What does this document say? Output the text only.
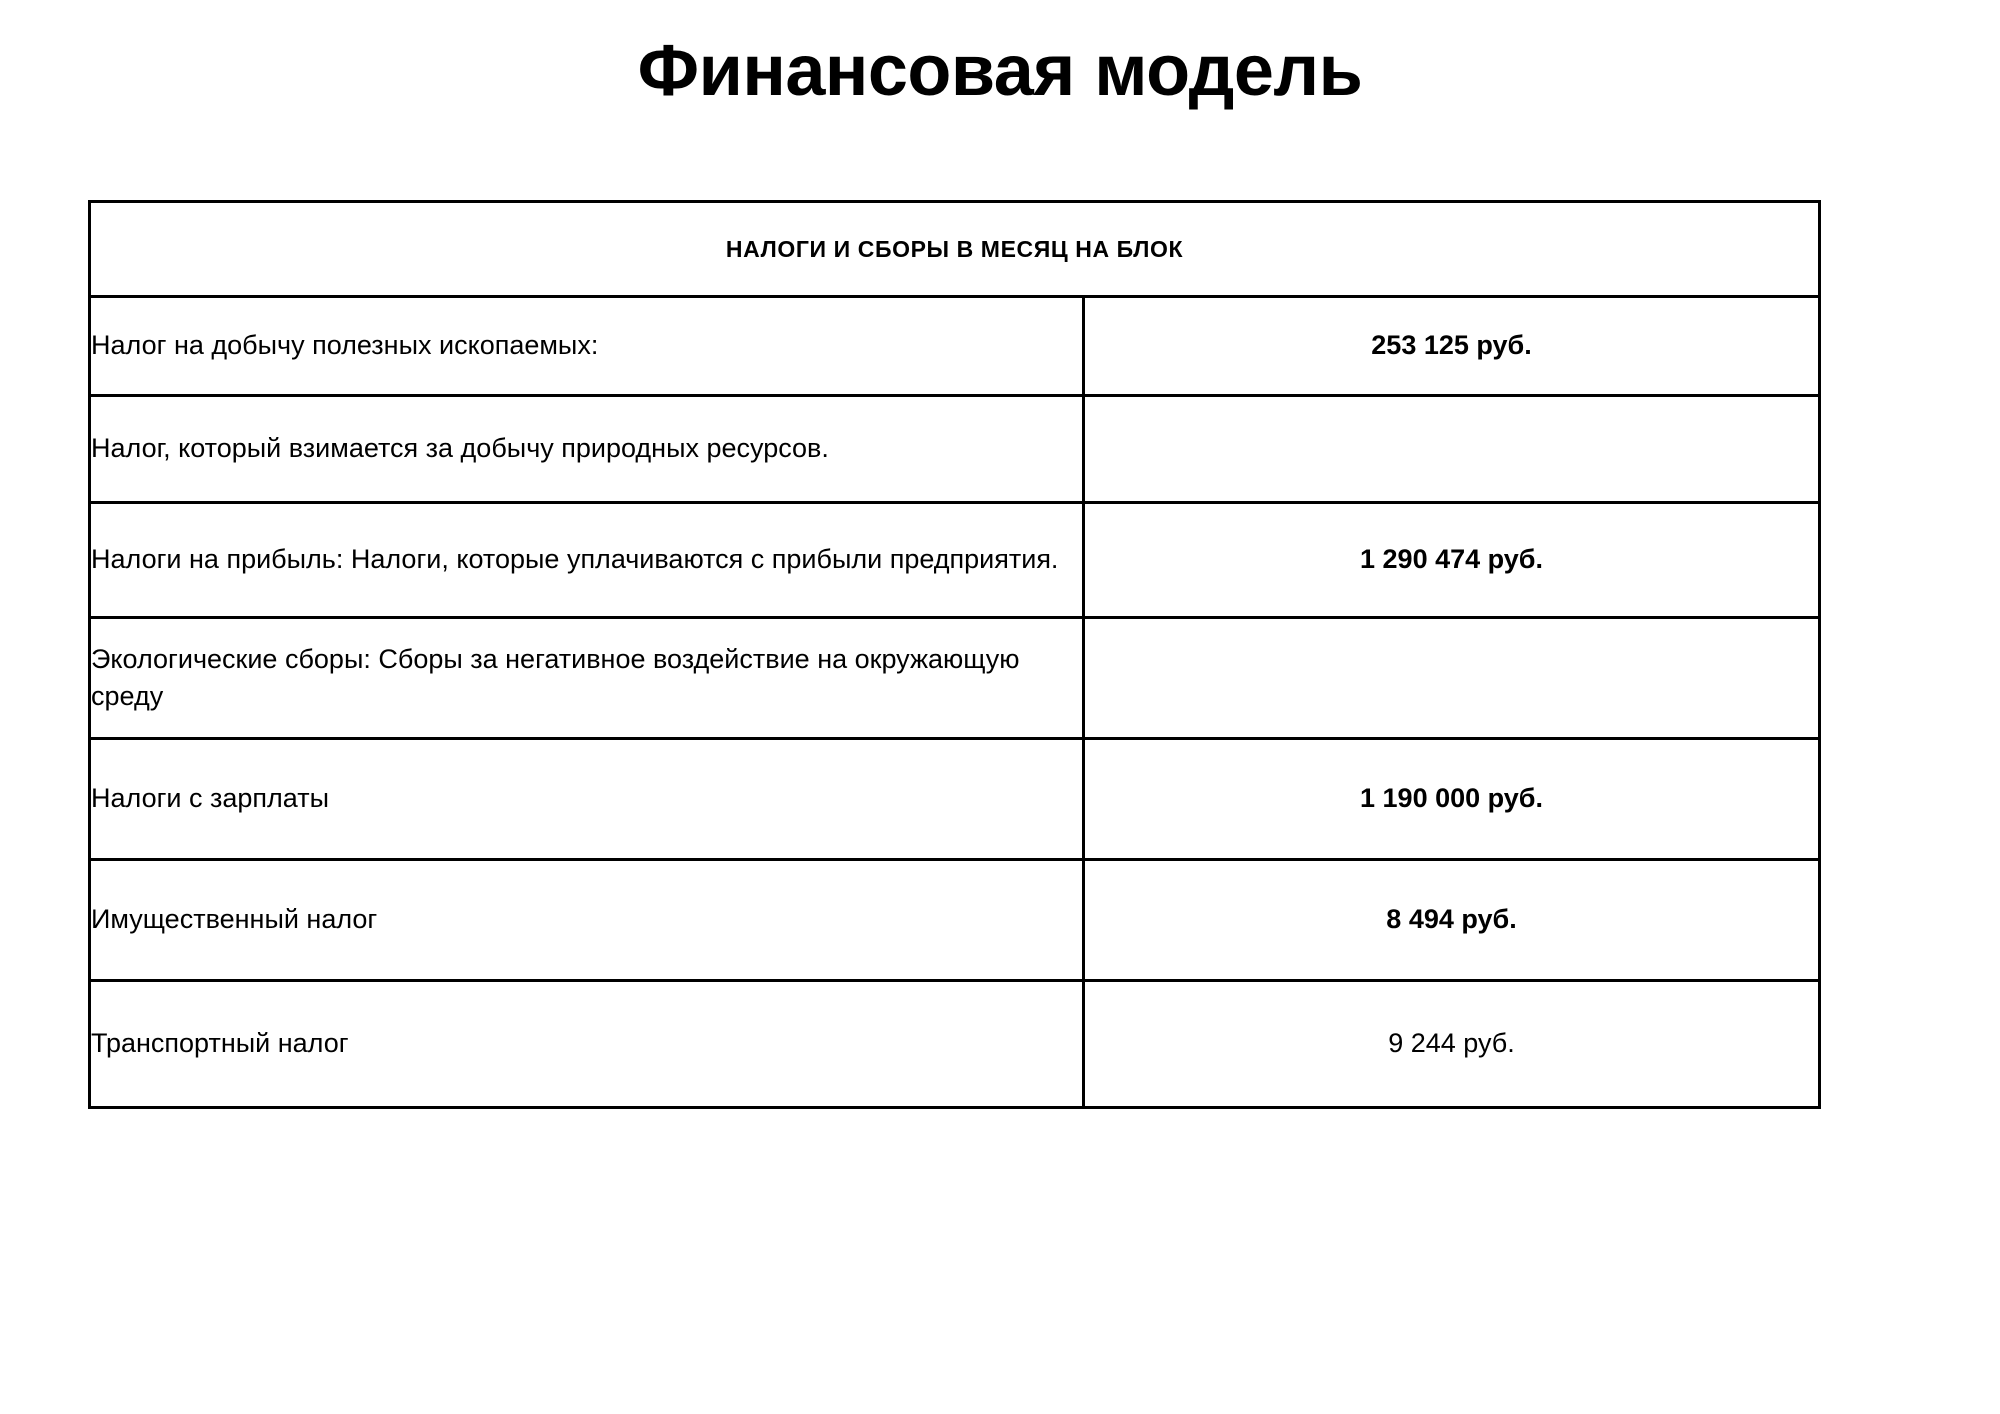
Финансовая модель
НАЛОГИ И СБОРЫ В МЕСЯЦ НА БЛОК	

Налог на добычу полезных ископаемых:	253 125 руб.
Налог, который взимается за добычу природных ресурсов.	
Налоги на прибыль: Налоги, которые уплачиваются с прибыли предприятия.	1 290 474 руб.
Экологические сборы: Сборы за негативное воздействие на окружающую среду	
Налоги с зарплаты	1 190 000 руб.
Имущественный налог	8 494 руб.
Транспортный налог	9 244 руб.
